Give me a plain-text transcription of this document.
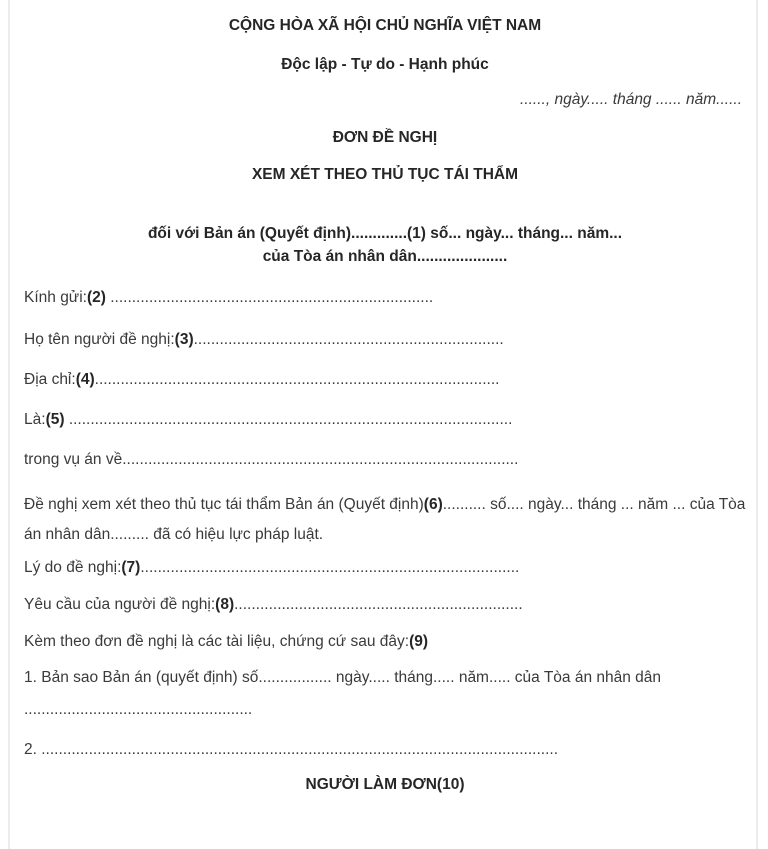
CỘNG HÒA XÃ HỘI CHỦ NGHĨA VIỆT NAM
Độc lập - Tự do - Hạnh phúc
......, ngày..... tháng ...... năm......
ĐƠN ĐỀ NGHỊ
XEM XÉT THEO THỦ TỤC TÁI THẨM
đối với Bản án (Quyết định).............(1) số... ngày... tháng... năm...
của Tòa án nhân dân.....................
Kính gửi:(2) ...........................................................................
Họ tên người đề nghị:(3)........................................................................
Địa chỉ:(4)..............................................................................................
Là:(5) .......................................................................................................
trong vụ án về............................................................................................
Đề nghị xem xét theo thủ tục tái thẩm Bản án (Quyết định)(6).......... số.... ngày... tháng ... năm ... của Tòa án nhân dân......... đã có hiệu lực pháp luật.
Lý do đề nghị:(7)........................................................................................
Yêu cầu của người đề nghị:(8)...................................................................
Kèm theo đơn đề nghị là các tài liệu, chứng cứ sau đây:(9)
1. Bản sao Bản án (quyết định) số................. ngày..... tháng..... năm..... của Tòa án nhân dân
.....................................................
2. ........................................................................................................................
NGƯỜI LÀM ĐƠN(10)
